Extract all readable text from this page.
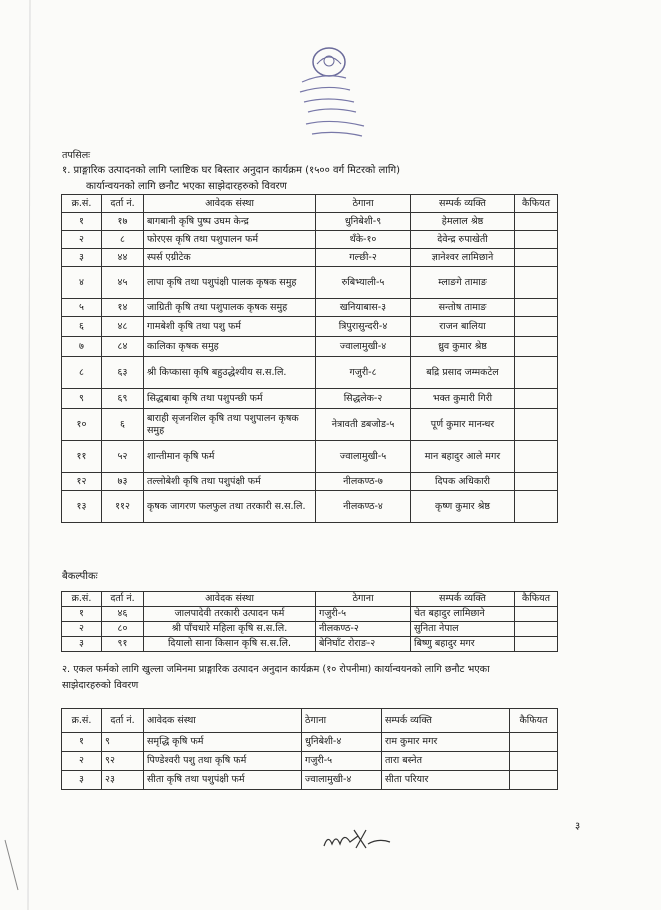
तपसिलः
१. प्राङ्गारिक उत्पादनको लागि प्लाष्टिक घर बिस्तार अनुदान कार्यक्रम (१५०० वर्ग मिटरको लागि)
कार्यान्वयनको लागि छनौट भएका साझेदारहरुको विवरण
क्र.सं.	दर्ता नं.	आवेदक संस्था	ठेगाना	सम्पर्क व्यक्ति	कैफियत
१	१७	बागबानी कृषि पुष्प उघम केन्द्र	धुनिबेशी-९	हेमलाल श्रेष्ठ	
२	८	फोरएस कृषि तथा पशुपालन फर्म	थँके-१०	देवेन्द्र रुपाखेती	
३	४४	स्पर्स एग्रीटेक	गल्छी-२	ज्ञानेश्वर लामिछाने	
४	४५	लापा कृषि तथा पशुपंक्षी पालक कृषक समुह	रुबिभ्याली-५	म्लाङगे तामाङ	
५	१४	जाग्रिती कृषि तथा पशुपालक कृषक समुह	खनियाबास-३	सन्तोष तामाङ	
६	४८	गामबेशी कृषि तथा पशु फर्म	त्रिपुरासुन्दरी-४	राजन बालिया	
७	८४	कालिका कृषक समुह	ज्वालामुखी-४	ध्रुव कुमार श्रेष्ठ	
८	६३	श्री किप्कासा कृषि बहुउद्धेश्यीय स.स.लि.	गजुरी-८	बद्रि प्रसाद जम्मकटेल	
९	६९	सिद्धबाबा कृषि तथा पशुपन्छी फर्म	सिद्धलेक-२	भक्त कुमारी गिरी	
१०	६	बाराही सृजनशिल कृषि तथा पशुपालन कृषक समुह	नेत्रावती डबजोड-५	पूर्ण कुमार मानन्धर	
११	५२	शान्तीमान कृषि फर्म	ज्वालामुखी-५	मान बहादुर आले मगर	
१२	७३	तल्लोबेशी कृषि तथा पशुपंक्षी फर्म	नीलकण्ठ-७	दिपक अधिकारी	
१३	११२	कृषक जागरण फलफुल तथा तरकारी स.स.लि.	नीलकण्ठ-४	कृष्ण कुमार श्रेष्ठ	
बैकल्पीकः
क्र.सं.	दर्ता नं.	आवेदक संस्था	ठेगाना	सम्पर्क व्यक्ति	कैफियत
१	४६	जालपादेवी तरकारी उत्पादन फर्म	गजुरी-५	चेत बहादुर लामिछाने	
२	८०	श्री पाँचधारे महिला कृषि स.स.लि.	नीलकण्ठ-२	सुनिता नेपाल	
३	९१	दियालो साना किसान कृषि स.स.लि.	बेनिघाँट रोराङ-२	बिष्णु बहादुर मगर	
२. एकल फर्मको लागि खुल्ला जमिनमा प्राङ्गारिक उत्पादन अनुदान कार्यक्रम (१० रोपनीमा) कार्यान्वयनको लागि छनौट भएका
साझेदारहरुको विवरण
क्र.सं.	दर्ता नं.	आवेदक संस्था	ठेगाना	सम्पर्क व्यक्ति	कैफियत
१	९	समृद्धि कृषि फर्म	धुनिबेशी-४	राम कुमार मगर	
२	९२	पिण्डेश्वरी पशु तथा कृषि फर्म	गजुरी-५	तारा बस्नेत	
३	२३	सीता कृषि तथा पशुपंक्षी फर्म	ज्वालामुखी-४	सीता परियार	
३
